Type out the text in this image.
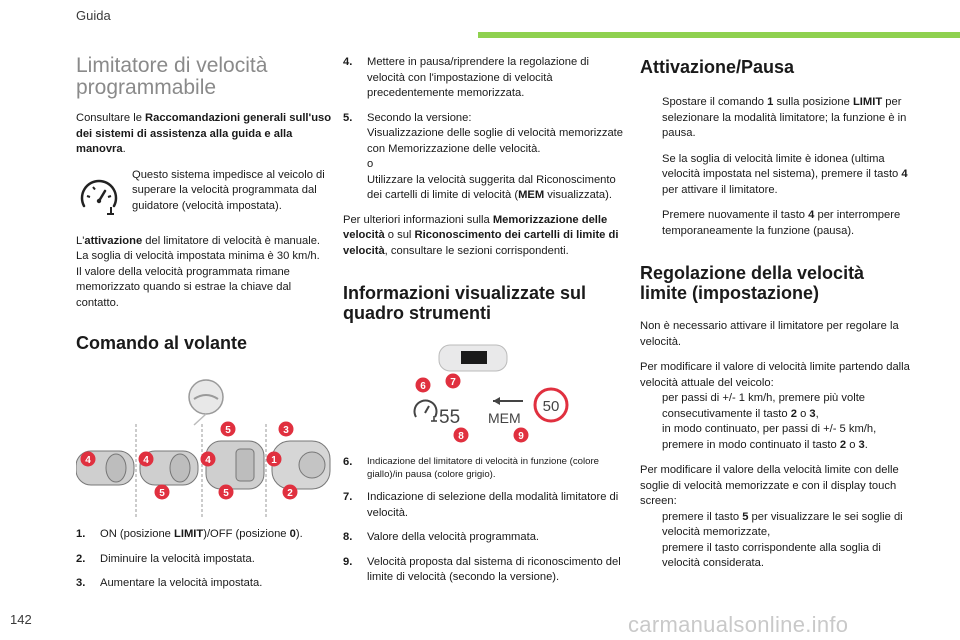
Guida
Limitatore di velocità programmabile

Consultare le Raccomandazioni generali sull'uso dei sistemi di assistenza alla guida e alla manovra.

Questo sistema impedisce al veicolo di superare la velocità programmata dal guidatore (velocità impostata).
L'attivazione del limitatore di velocità è manuale.
La soglia di velocità impostata minima è 30 km/h.
Il valore della velocità programmata rimane memorizzato quando si estrae la chiave dal contatto.
Comando al volante
5	3
4	4	4	1
5	5	2
1.	ON (posizione LIMIT)/OFF (posizione 0).
2.	Diminuire la velocità impostata.
3.	Aumentare la velocità impostata.
4.	Mettere in pausa/riprendere la regolazione di velocità con l'impostazione di velocità precedentemente memorizzata.
5.	Secondo la versione:
Visualizzazione delle soglie di velocità memorizzate con Memorizzazione delle velocità.
o
Utilizzare la velocità suggerita dal Riconoscimento dei cartelli di limite di velocità (MEM visualizzata).

Per ulteriori informazioni sulla Memorizzazione delle velocità o sul Riconoscimento dei cartelli di limite di velocità, consultare le sezioni corrispondenti.

Informazioni visualizzate sul quadro strumenti
55 MEM
50
6 7
8	9
6.	Indicazione del limitatore di velocità in funzione (colore giallo)/in pausa (colore grigio).
7.	Indicazione di selezione della modalità limitatore di velocità.
8.	Valore della velocità programmata.
9.	Velocità proposta dal sistema di riconoscimento del limite di velocità (secondo la versione).
Attivazione/Pausa
Spostare il comando 1 sulla posizione LIMIT per selezionare la modalità limitatore; la funzione è in pausa.
Se la soglia di velocità limite è idonea (ultima velocità impostata nel sistema), premere il tasto 4 per attivare il limitatore.
Premere nuovamente il tasto 4 per interrompere temporaneamente la funzione (pausa).
Regolazione della velocità limite (impostazione)

Non è necessario attivare il limitatore per regolare la velocità.

Per modificare il valore di velocità limite partendo dalla velocità attuale del veicolo:
per passi di +/- 1 km/h, premere più volte consecutivamente il tasto 2 o 3,
in modo continuato, per passi di +/- 5 km/h, premere in modo continuato il tasto 2 o 3.
Per modificare il valore della velocità limite con delle soglie di velocità memorizzate e con il display touch screen:
premere il tasto 5 per visualizzare le sei soglie di velocità memorizzate,
premere il tasto corrispondente alla soglia di velocità considerata.
142	carmanualsonline.info
